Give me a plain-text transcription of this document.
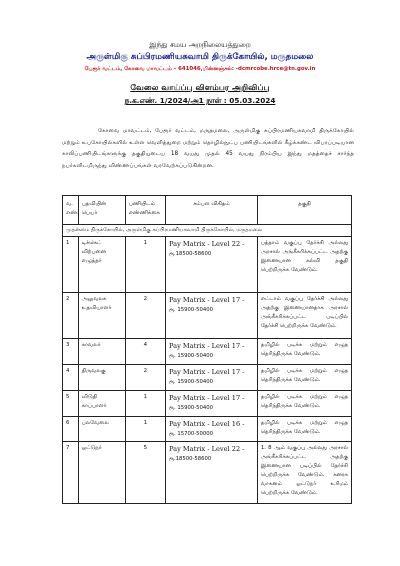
இந்து சமய அறநிலையத்துறை
அருள்மிகு சுப்பிரமணியசுவாமி திருக்கோயில், மருதமலை
பேரூர் வட்டம், கோவை மாவட்டம் – 641046,மின்னஞ்சல்: -dcmrcobe.hrce@tn.gov.in
வேலை வாய்ப்பு விளம்பர அறிவிப்பு
ந.க.எண். 1/2024/அ1 நாள் : 05.03.2024

கோவை மாவட்டம், பேரூர் வட்டம், மருதமலை, அருள்மிகு சுப்பிரமணியசுவாமி திருக்கோயில் மற்றும் உபகோயில்களில் உள்ள வெளித்துறை மற்றும் தொழில்நுட்ப பணியிடங்களில் கீழ்க்கண்ட விபரப்படியான காலிப்பணியிடங்களுக்கு தகுதியுடைய 18 வயது முதல் 45 வயது நிரம்பிய இந்து மதத்தைச் சார்ந்த நபர்களிடமிருந்து விண்ணப்பங்கள் வரவேற்கப்படுகின்றன.

வ. எண்.	பதவியின் பெயர்	பணியிடம் எண்ணிக்கை	சம்பள விகிதம்	தகுதி
முதன்மை திருக்கோயில், அருள்மிகு சுப்பிரமணியசுவாமி திருக்கோயில், மருதமலை				
1	டிக்கெட் விற்பனை எழுத்தர்	1	Pay Matrix - Level 22 -
ரூ.18500-58600	பத்தாம் வகுப்பு தேர்ச்சி அல்லது அரசால் அங்கீகரிக்கப்பட்ட அதற்கு இணையான கல்வி தகுதி பெற்றிருக்க வேண்டும்.
2	அலுவலக உதவியாளர்	2	Pay Matrix - Level 17 -
ரூ. 15900-50400	எட்டாம் வகுப்பு தேர்ச்சி அல்லது அதற்கு இணையானதாக அரசால் அங்கீகரிக்கப்பட்ட படிப்பில் தேர்ச்சி பெற்றிருக்க வேண்டும்.
3	காவலர்	4	Pay Matrix - Level 17 -
ரூ. 15900-50400	தமிழில் படிக்க மற்றும் எழுத தெரிந்திருக்க வேண்டும்.
4	திருவலகு	2	Pay Matrix - Level 17 -
ரூ. 15900-50400	தமிழில் படிக்க மற்றும் எழுத தெரிந்திருக்க வேண்டும்.
5	விடுதி காப்பாளர்	1	Pay Matrix - Level 17 -
ரூ. 15900-50400	தமிழில் படிக்க மற்றும் எழுத தெரிந்திருக்க வேண்டும்.
6	பலவேலை	1	Pay Matrix - Level 16 -
ரூ. 15700-50000	தமிழில் படிக்க மற்றும் எழுத தெரிந்திருக்க வேண்டும்.
7	ஓட்டுநர்	5	Pay Matrix - Level 22 -
ரூ.18500-58600	1. 8 ஆம் வகுப்பு அல்லது அரசால் அங்கீகரிக்கப்பட்ட அதற்கு இணையான படிப்பில் தேர்ச்சி பெற்றிருக்க வேண்டும். கனரக வாகனம் ஓட்டுநர் உரிமம் பெற்றிருக்க வேண்டும்.
